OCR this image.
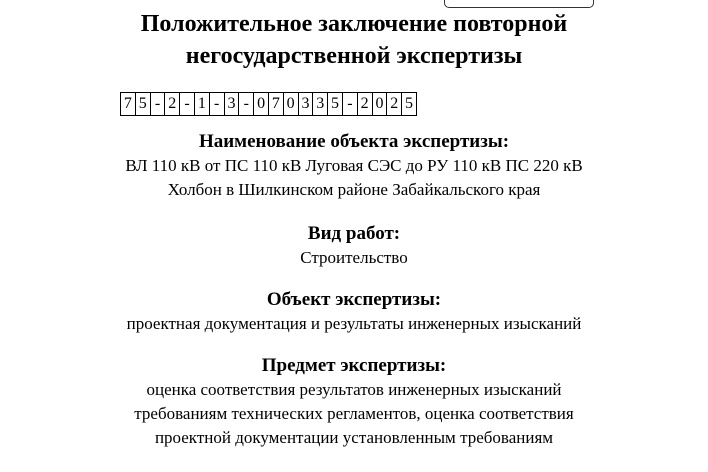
Положительное заключение повторной
негосударственной экспертизы
7 5 - 2 - 1 - 3 - 0 7 0 3 3 5 - 2 0 2 5
Наименование объекта экспертизы:
ВЛ 110 кВ от ПС 110 кВ Луговая СЭС до РУ 110 кВ ПС 220 кВ
Холбон в Шилкинском районе Забайкальского края
Вид работ:
Строительство
Объект экспертизы:
проектная документация и результаты инженерных изысканий
Предмет экспертизы:
оценка соответствия результатов инженерных изысканий
требованиям технических регламентов, оценка соответствия
проектной документации установленным требованиям
